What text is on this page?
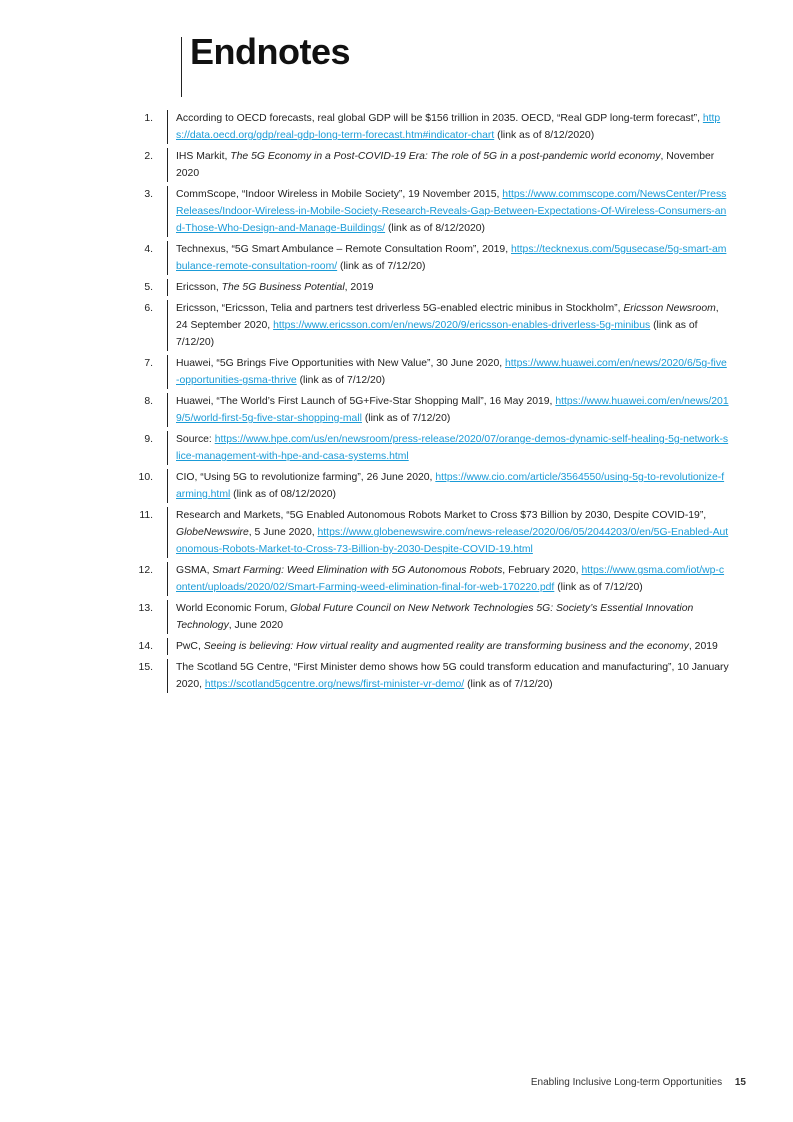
Endnotes
1.	According to OECD forecasts, real global GDP will be $156 trillion in 2035. OECD, “Real GDP long-term forecast”, https://data.oecd.org/gdp/real-gdp-long-term-forecast.htm#indicator-chart (link as of 8/12/2020)
2.	IHS Markit, The 5G Economy in a Post-COVID-19 Era: The role of 5G in a post-pandemic world economy, November 2020
3.	CommScope, “Indoor Wireless in Mobile Society”, 19 November 2015, https://www.commscope.com/NewsCenter/PressReleases/Indoor-Wireless-in-Mobile-Society-Research-Reveals-Gap-Between-Expectations-Of-Wireless-Consumers-and-Those-Who-Design-and-Manage-Buildings/ (link as of 8/12/2020)
4.	Technexus, “5G Smart Ambulance – Remote Consultation Room”, 2019, https://tecknexus.com/5gusecase/5g-smart-ambulance-remote-consultation-room/ (link as of 7/12/20)
5.	Ericsson, The 5G Business Potential, 2019
6.	Ericsson, “Ericsson, Telia and partners test driverless 5G-enabled electric minibus in Stockholm”, Ericsson Newsroom, 24 September 2020, https://www.ericsson.com/en/news/2020/9/ericsson-enables-driverless-5g-minibus (link as of 7/12/20)
7.	Huawei, “5G Brings Five Opportunities with New Value”, 30 June 2020, https://www.huawei.com/en/news/2020/6/5g-five-opportunities-gsma-thrive (link as of 7/12/20)
8.	Huawei, “The World’s First Launch of 5G+Five-Star Shopping Mall”, 16 May 2019, https://www.huawei.com/en/news/2019/5/world-first-5g-five-star-shopping-mall (link as of 7/12/20)
9.	Source: https://www.hpe.com/us/en/newsroom/press-release/2020/07/orange-demos-dynamic-self-healing-5g-network-slice-management-with-hpe-and-casa-systems.html
10.	CIO, “Using 5G to revolutionize farming”, 26 June 2020, https://www.cio.com/article/3564550/using-5g-to-revolutionize-farming.html (link as of 08/12/2020)
11.	Research and Markets, “5G Enabled Autonomous Robots Market to Cross $73 Billion by 2030, Despite COVID-19”, GlobeNewswire, 5 June 2020, https://www.globenewswire.com/news-release/2020/06/05/2044203/0/en/5G-Enabled-Autonomous-Robots-Market-to-Cross-73-Billion-by-2030-Despite-COVID-19.html
12.	GSMA, Smart Farming: Weed Elimination with 5G Autonomous Robots, February 2020, https://www.gsma.com/iot/wp-content/uploads/2020/02/Smart-Farming-weed-elimination-final-for-web-170220.pdf (link as of 7/12/20)
13.	World Economic Forum, Global Future Council on New Network Technologies 5G: Society’s Essential Innovation Technology, June 2020
14.	PwC, Seeing is believing: How virtual reality and augmented reality are transforming business and the economy, 2019
15.	The Scotland 5G Centre, “First Minister demo shows how 5G could transform education and manufacturing”, 10 January 2020, https://scotland5gcentre.org/news/first-minister-vr-demo/ (link as of 7/12/20)
Enabling Inclusive Long-term Opportunities 15
